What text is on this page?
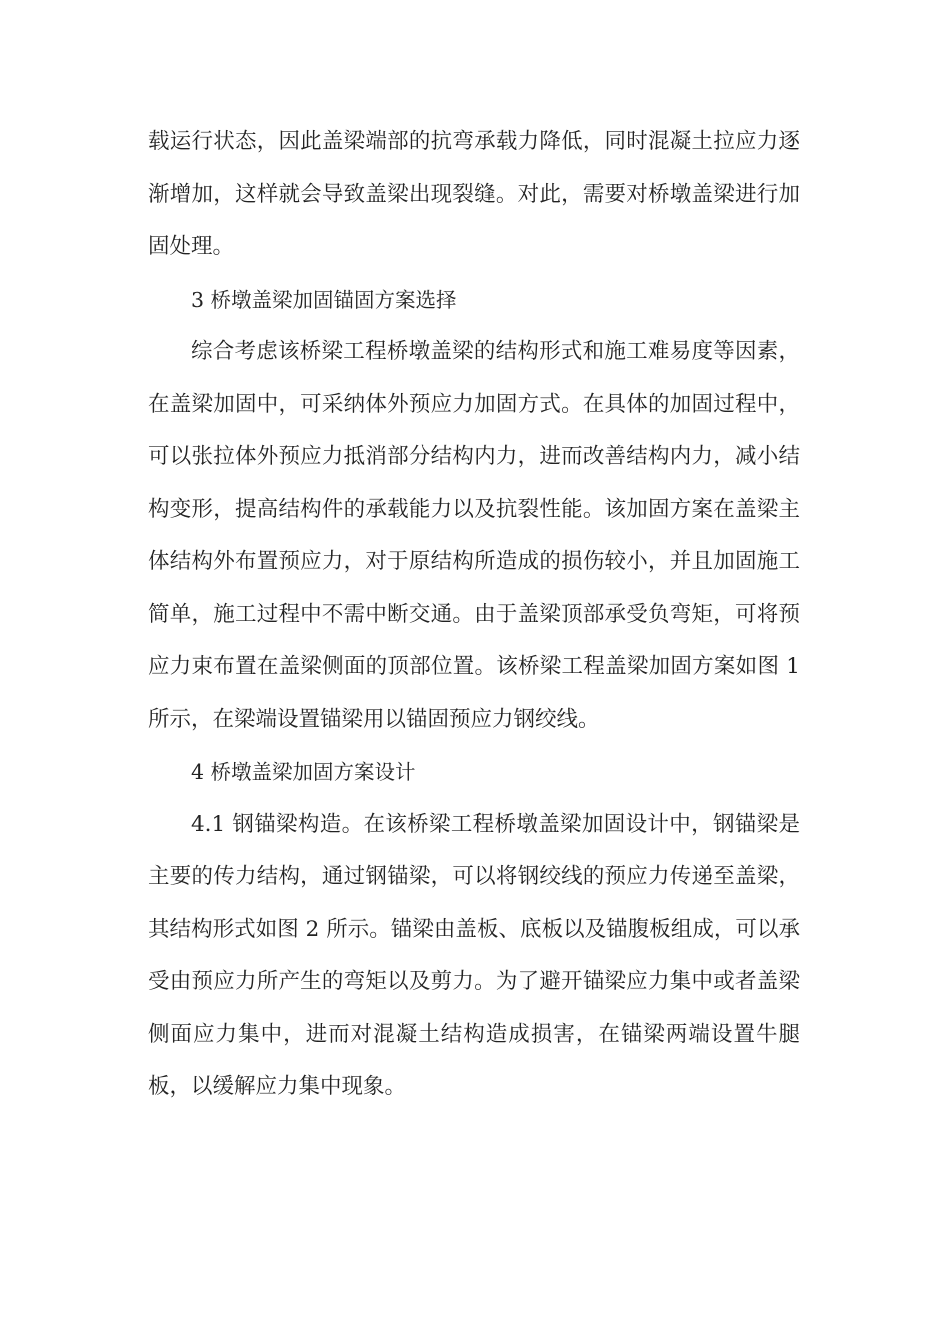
载运行状态，因此盖梁端部的抗弯承载力降低，同时混凝土拉应力逐渐增加，这样就会导致盖梁出现裂缝。对此，需要对桥墩盖梁进行加固处理。

3 桥墩盖梁加固锚固方案选择

综合考虑该桥梁工程桥墩盖梁的结构形式和施工难易度等因素，在盖梁加固中，可采纳体外预应力加固方式。在具体的加固过程中，可以张拉体外预应力抵消部分结构内力，进而改善结构内力，减小结构变形，提高结构件的承载能力以及抗裂性能。该加固方案在盖梁主体结构外布置预应力，对于原结构所造成的损伤较小，并且加固施工简单，施工过程中不需中断交通。由于盖梁顶部承受负弯矩，可将预应力束布置在盖梁侧面的顶部位置。该桥梁工程盖梁加固方案如图 1 所示，在梁端设置锚梁用以锚固预应力钢绞线。

4 桥墩盖梁加固方案设计

4.1 钢锚梁构造。在该桥梁工程桥墩盖梁加固设计中，钢锚梁是主要的传力结构，通过钢锚梁，可以将钢绞线的预应力传递至盖梁，其结构形式如图 2 所示。锚梁由盖板、底板以及锚腹板组成，可以承受由预应力所产生的弯矩以及剪力。为了避开锚梁应力集中或者盖梁侧面应力集中，进而对混凝土结构造成损害，在锚梁两端设置牛腿板，以缓解应力集中现象。
